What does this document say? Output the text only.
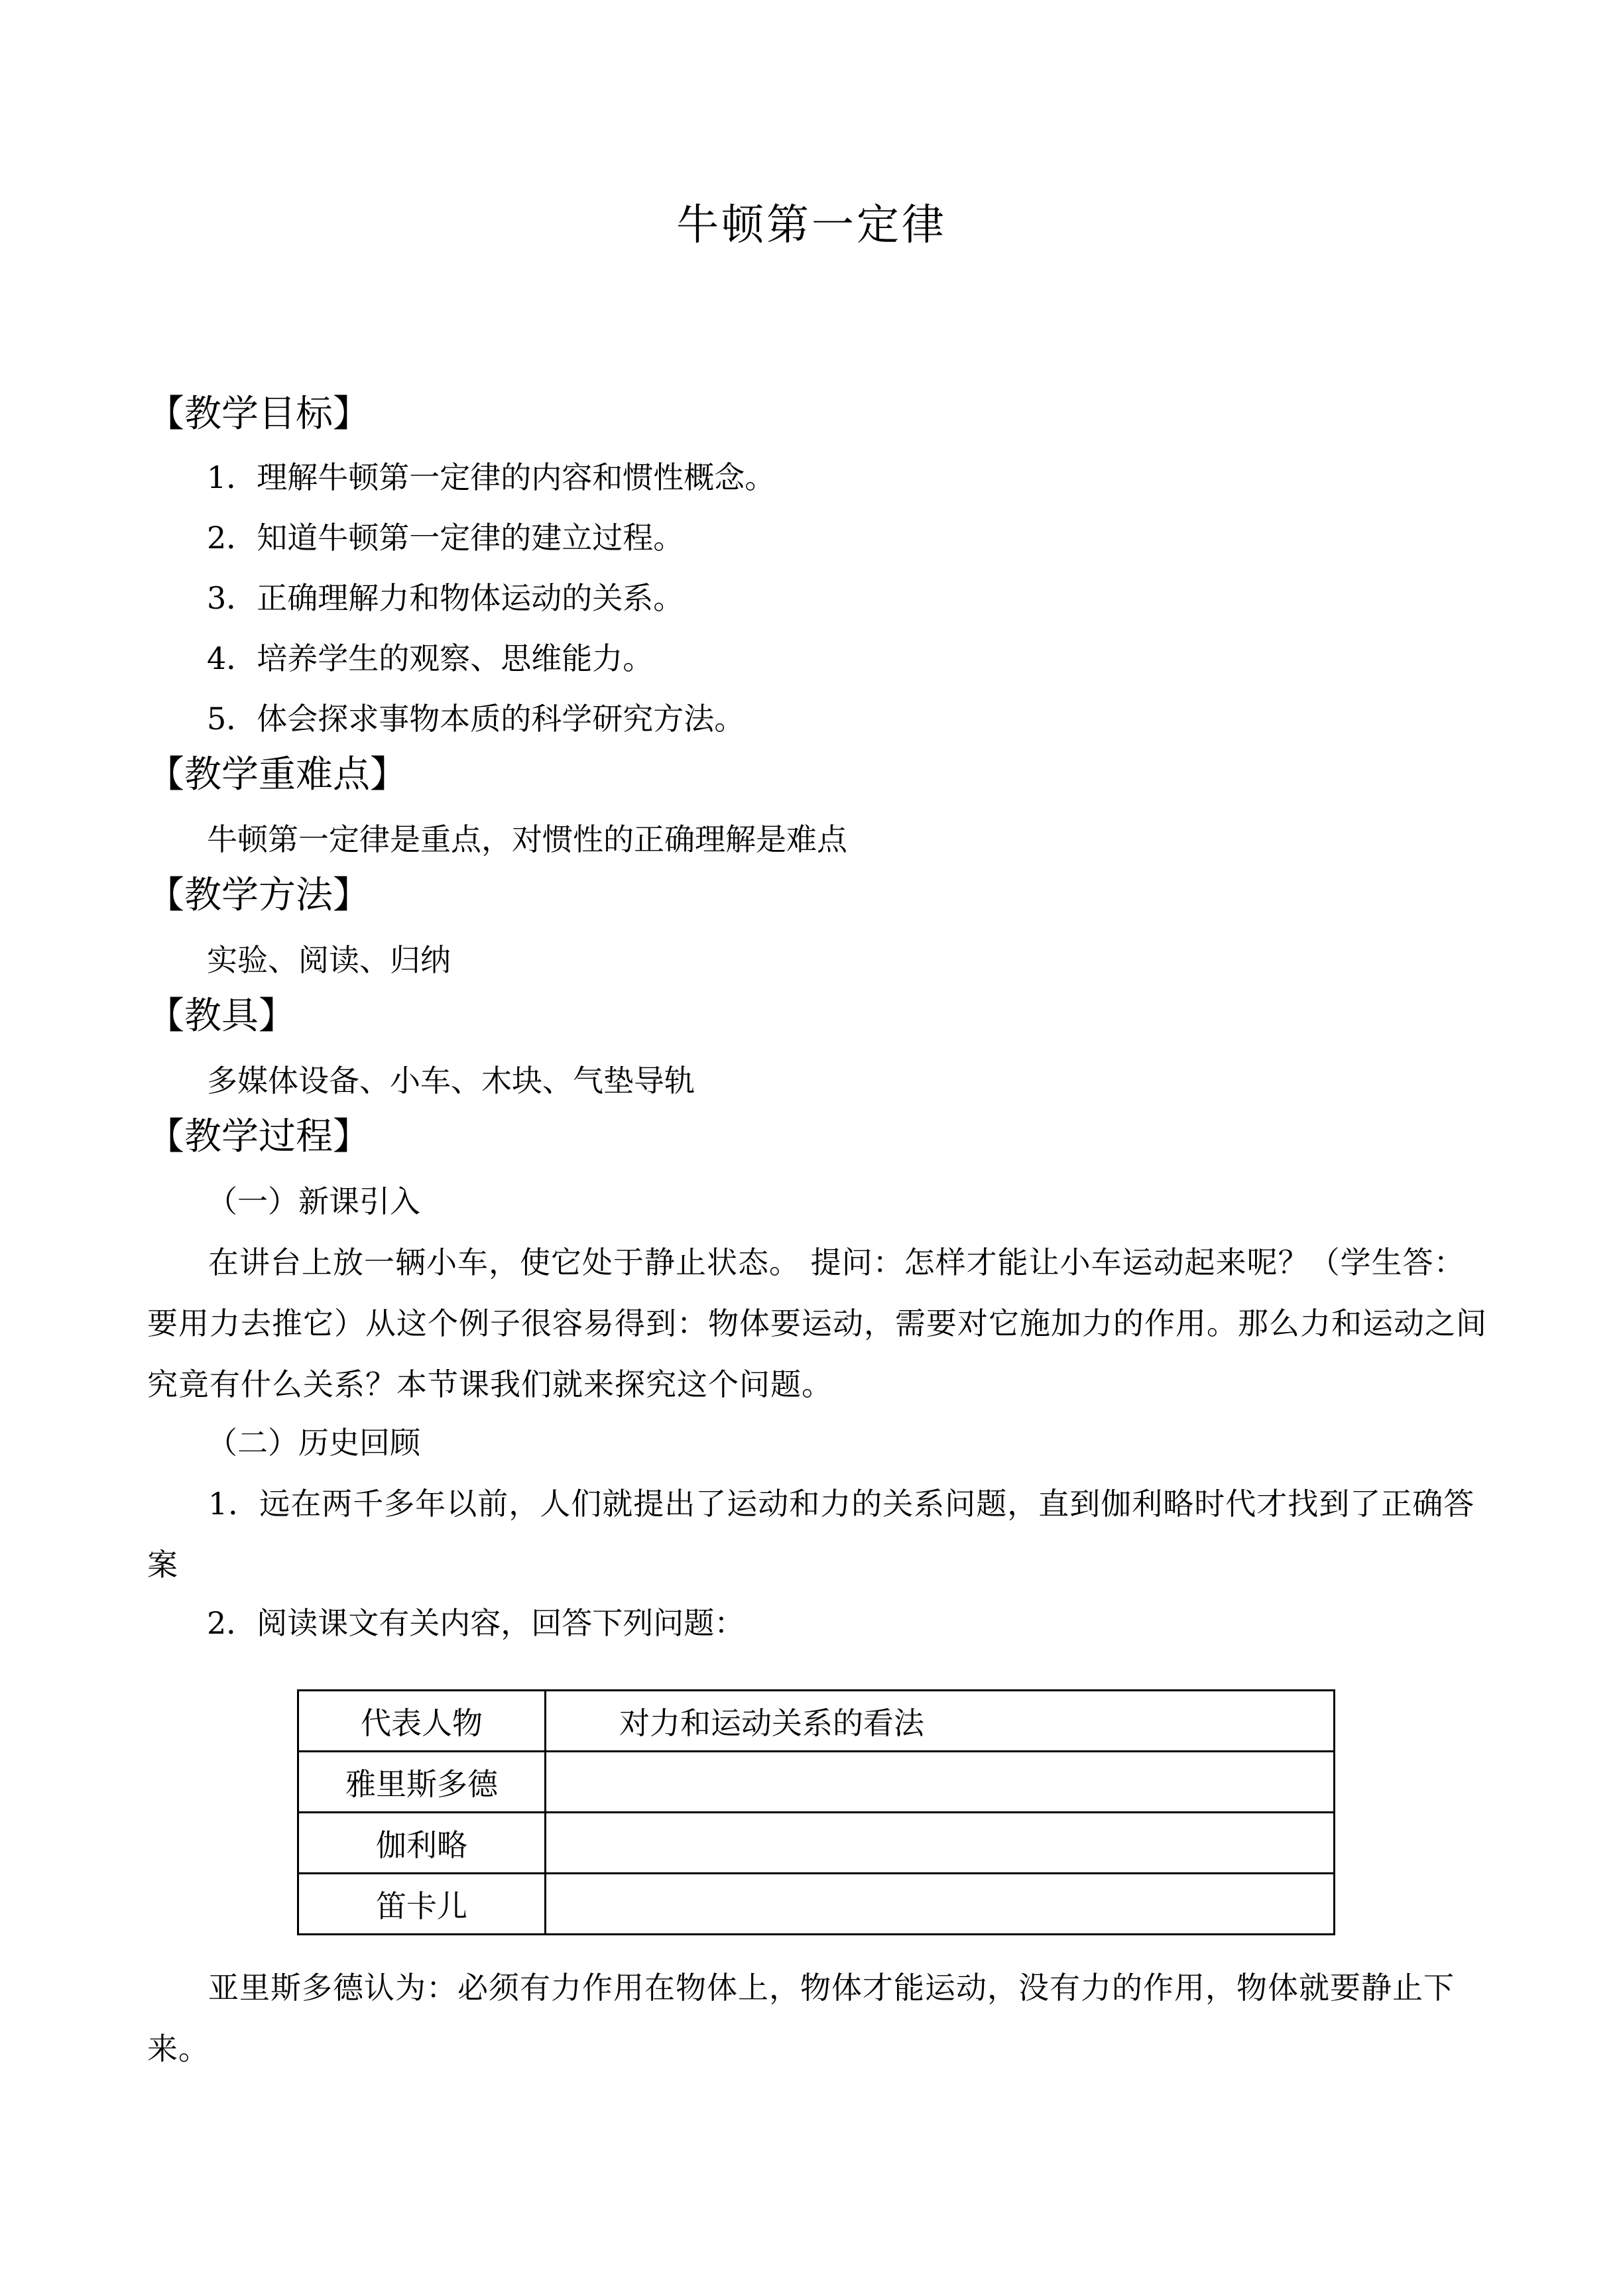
牛顿第一定律
【教学目标】
1．理解牛顿第一定律的内容和惯性概念。
2．知道牛顿第一定律的建立过程。
3．正确理解力和物体运动的关系。
4．培养学生的观察、思维能力。
5．体会探求事物本质的科学研究方法。
【教学重难点】
牛顿第一定律是重点，对惯性的正确理解是难点
【教学方法】
实验、阅读、归纳
【教具】
多媒体设备、小车、木块、气垫导轨
【教学过程】
（一）新课引入
在讲台上放一辆小车，使它处于静止状态。 提问：怎样才能让小车运动起来呢？（学生答：要用力去推它）从这个例子很容易得到：物体要运动，需要对它施加力的作用。那么力和运动之间究竟有什么关系？本节课我们就来探究这个问题。
（二）历史回顾
1．远在两千多年以前，人们就提出了运动和力的关系问题，直到伽利略时代才找到了正确答案
2．阅读课文有关内容，回答下列问题：
代表人物	对力和运动关系的看法
雅里斯多德	
伽利略	
笛卡儿	
亚里斯多德认为：必须有力作用在物体上，物体才能运动，没有力的作用，物体就要静止下来。
